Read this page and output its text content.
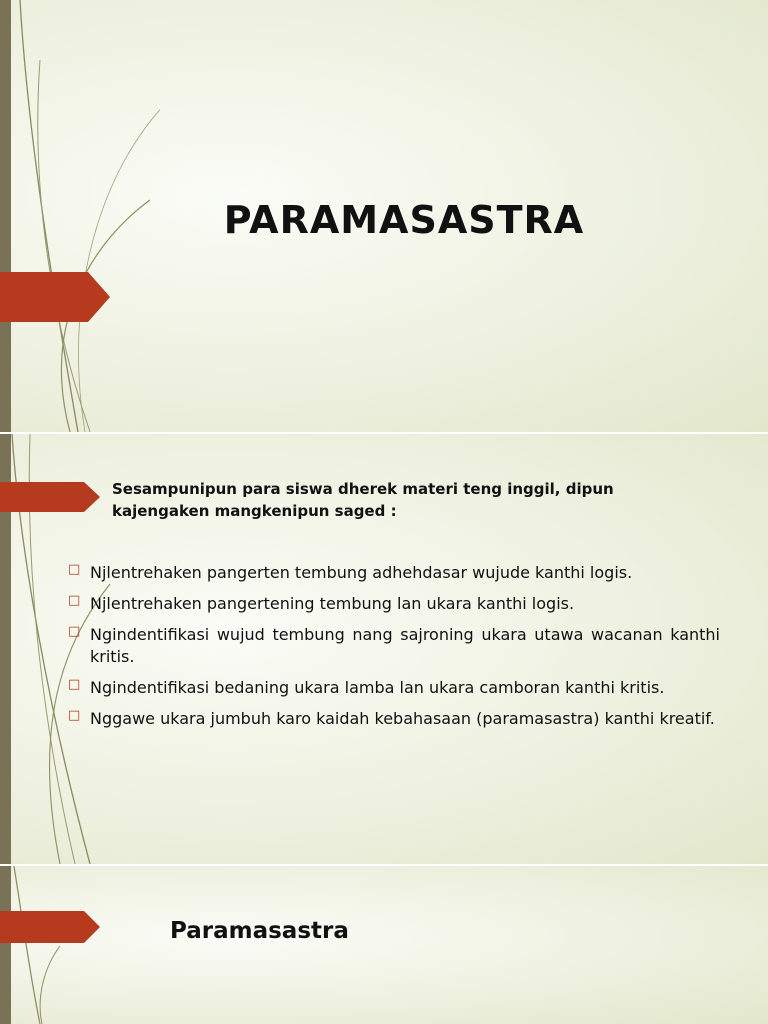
PARAMASASTRA

Sesampunipun para siswa dherek materi teng inggil, dipun kajengaken mangkenipun saged :

□ Njlentrehaken pangerten tembung adhehdasar wujude kanthi logis.
□ Njlentrehaken pangertening tembung lan ukara kanthi logis.
□ Ngindentifikasi wujud tembung nang sajroning ukara utawa wacanan kanthi kritis.
□ Ngindentifikasi bedaning ukara lamba lan ukara camboran kanthi kritis.
□ Nggawe ukara jumbuh karo kaidah kebahasaan (paramasastra) kanthi kreatif.
Paramasastra
